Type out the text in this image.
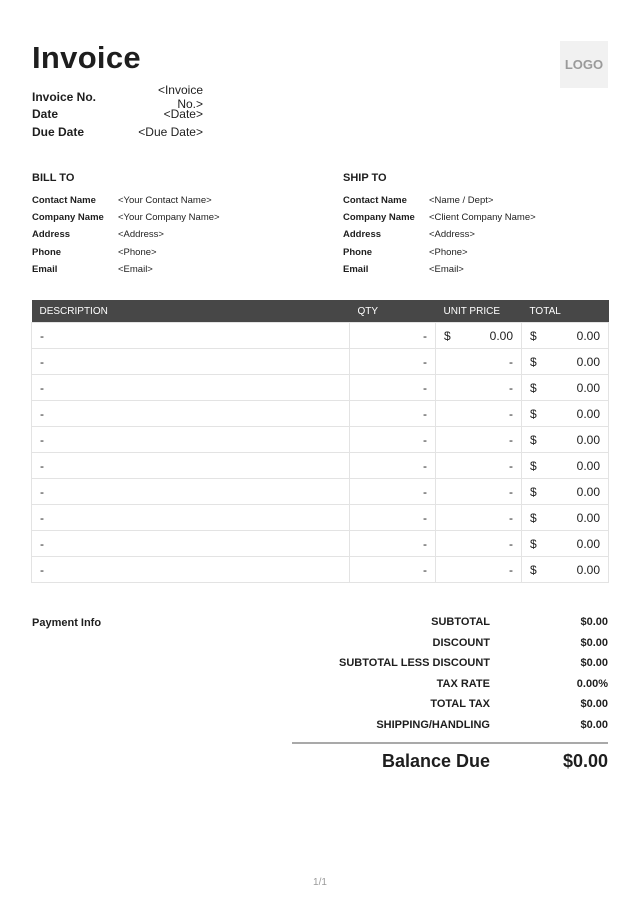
Invoice	LOGO
Invoice No.	<Invoice No.>
Date	<Date>
Due Date	<Due Date>
BILL TO
Contact Name	<Your Contact Name>
Company Name	<Your Company Name>
Address	<Address>
Phone	<Phone>
Email	<Email>
SHIP TO
Contact Name	<Name / Dept>
Company Name	<Client Company Name>
Address	<Address>
Phone	<Phone>
Email	<Email>
DESCRIPTION	QTY	UNIT PRICE	TOTAL
-	-	$ 0.00	$ 0.00

-	-	-	$ 0.00

-	-	-	$ 0.00

-	-	-	$ 0.00

-	-	-	$ 0.00

-	-	-	$ 0.00

-	-	-	$ 0.00

-	-	-	$ 0.00

-	-	-	$ 0.00

-	-	-	$ 0.00
Payment Info	SUBTOTAL	$0.00
DISCOUNT	$0.00
SUBTOTAL LESS DISCOUNT	$0.00
TAX RATE	0.00%
TOTAL TAX	$0.00
SHIPPING/HANDLING	$0.00
Balance Due	$0.00
1/1
